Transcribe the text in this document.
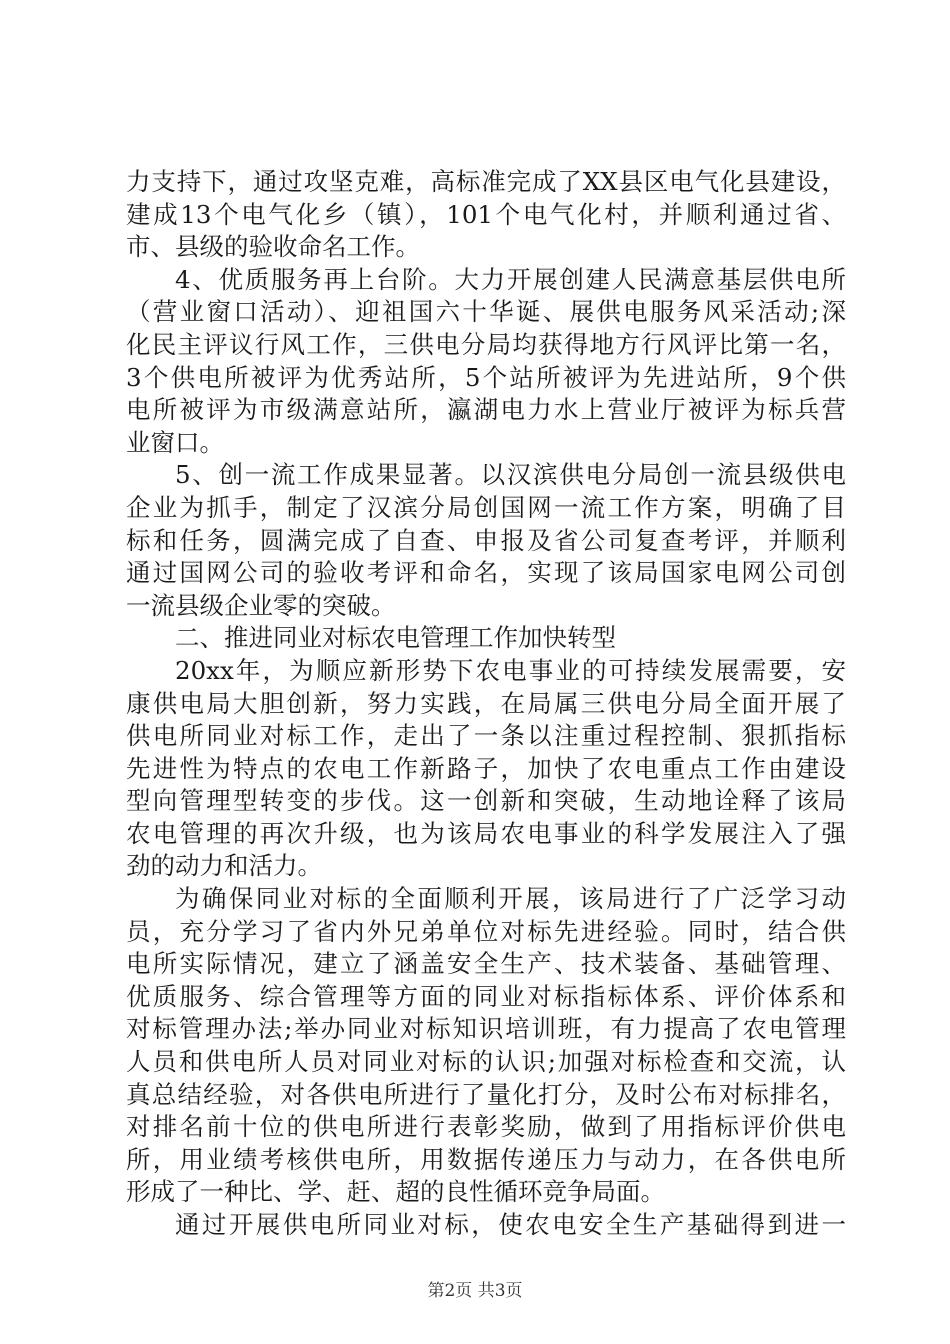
力支持下，通过攻坚克难，高标准完成了XX县区电气化县建设，
建成13个电气化乡（镇），101个电气化村，并顺利通过省、
市、县级的验收命名工作。
4、优质服务再上台阶。大力开展创建人民满意基层供电所
（营业窗口活动）、迎祖国六十华诞、展供电服务风采活动;深
化民主评议行风工作，三供电分局均获得地方行风评比第一名，
3个供电所被评为优秀站所，5个站所被评为先进站所，9个供
电所被评为市级满意站所，瀛湖电力水上营业厅被评为标兵营
业窗口。
5、创一流工作成果显著。以汉滨供电分局创一流县级供电
企业为抓手，制定了汉滨分局创国网一流工作方案，明确了目
标和任务，圆满完成了自查、申报及省公司复查考评，并顺利
通过国网公司的验收考评和命名，实现了该局国家电网公司创
一流县级企业零的突破。
二、推进同业对标农电管理工作加快转型
20xx年，为顺应新形势下农电事业的可持续发展需要，安
康供电局大胆创新，努力实践，在局属三供电分局全面开展了
供电所同业对标工作，走出了一条以注重过程控制、狠抓指标
先进性为特点的农电工作新路子，加快了农电重点工作由建设
型向管理型转变的步伐。这一创新和突破，生动地诠释了该局
农电管理的再次升级，也为该局农电事业的科学发展注入了强
劲的动力和活力。
为确保同业对标的全面顺利开展，该局进行了广泛学习动
员，充分学习了省内外兄弟单位对标先进经验。同时，结合供
电所实际情况，建立了涵盖安全生产、技术装备、基础管理、
优质服务、综合管理等方面的同业对标指标体系、评价体系和
对标管理办法;举办同业对标知识培训班，有力提高了农电管理
人员和供电所人员对同业对标的认识;加强对标检查和交流，认
真总结经验，对各供电所进行了量化打分，及时公布对标排名，
对排名前十位的供电所进行表彰奖励，做到了用指标评价供电
所，用业绩考核供电所，用数据传递压力与动力，在各供电所
形成了一种比、学、赶、超的良性循环竞争局面。
通过开展供电所同业对标，使农电安全生产基础得到进一
第2页 共3页
